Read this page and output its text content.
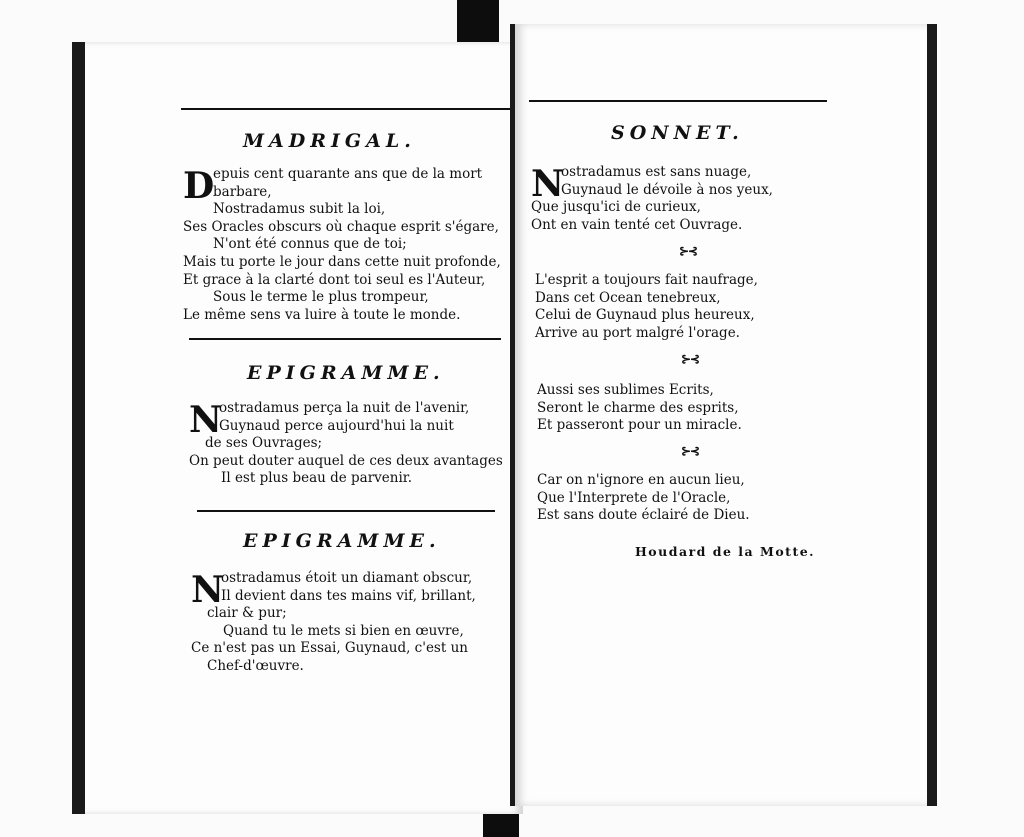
MADRIGAL.
D
epuis cent quarante ans que de la mort
barbare,
Nostradamus subit la loi,
Ses Oracles obscurs où chaque esprit s'égare,
N'ont été connus que de toi;
Mais tu porte le jour dans cette nuit profonde,
Et grace à la clarté dont toi seul es l'Auteur,
Sous le terme le plus trompeur,
Le même sens va luire à toute le monde.
EPIGRAMME.
N
ostradamus perça la nuit de l'avenir,
Guynaud perce aujourd'hui la nuit
de ses Ouvrages;
On peut douter auquel de ces deux avantages
Il est plus beau de parvenir.
EPIGRAMME.
N
ostradamus étoit un diamant obscur,
Il devient dans tes mains vif, brillant,
clair & pur;
Quand tu le mets si bien en œuvre,
Ce n'est pas un Essai, Guynaud, c'est un
Chef-d'œuvre.
SONNET.
N
ostradamus est sans nuage,
Guynaud le dévoile à nos yeux,
Que jusqu'ici de curieux,
Ont en vain tenté cet Ouvrage.
⊱⊰
L'esprit a toujours fait naufrage,
Dans cet Ocean tenebreux,
Celui de Guynaud plus heureux,
Arrive au port malgré l'orage.
⊱⊰
Aussi ses sublimes Ecrits,
Seront le charme des esprits,
Et passeront pour un miracle.
⊱⊰
Car on n'ignore en aucun lieu,
Que l'Interprete de l'Oracle,
Est sans doute éclairé de Dieu.
Houdard de la Motte.
